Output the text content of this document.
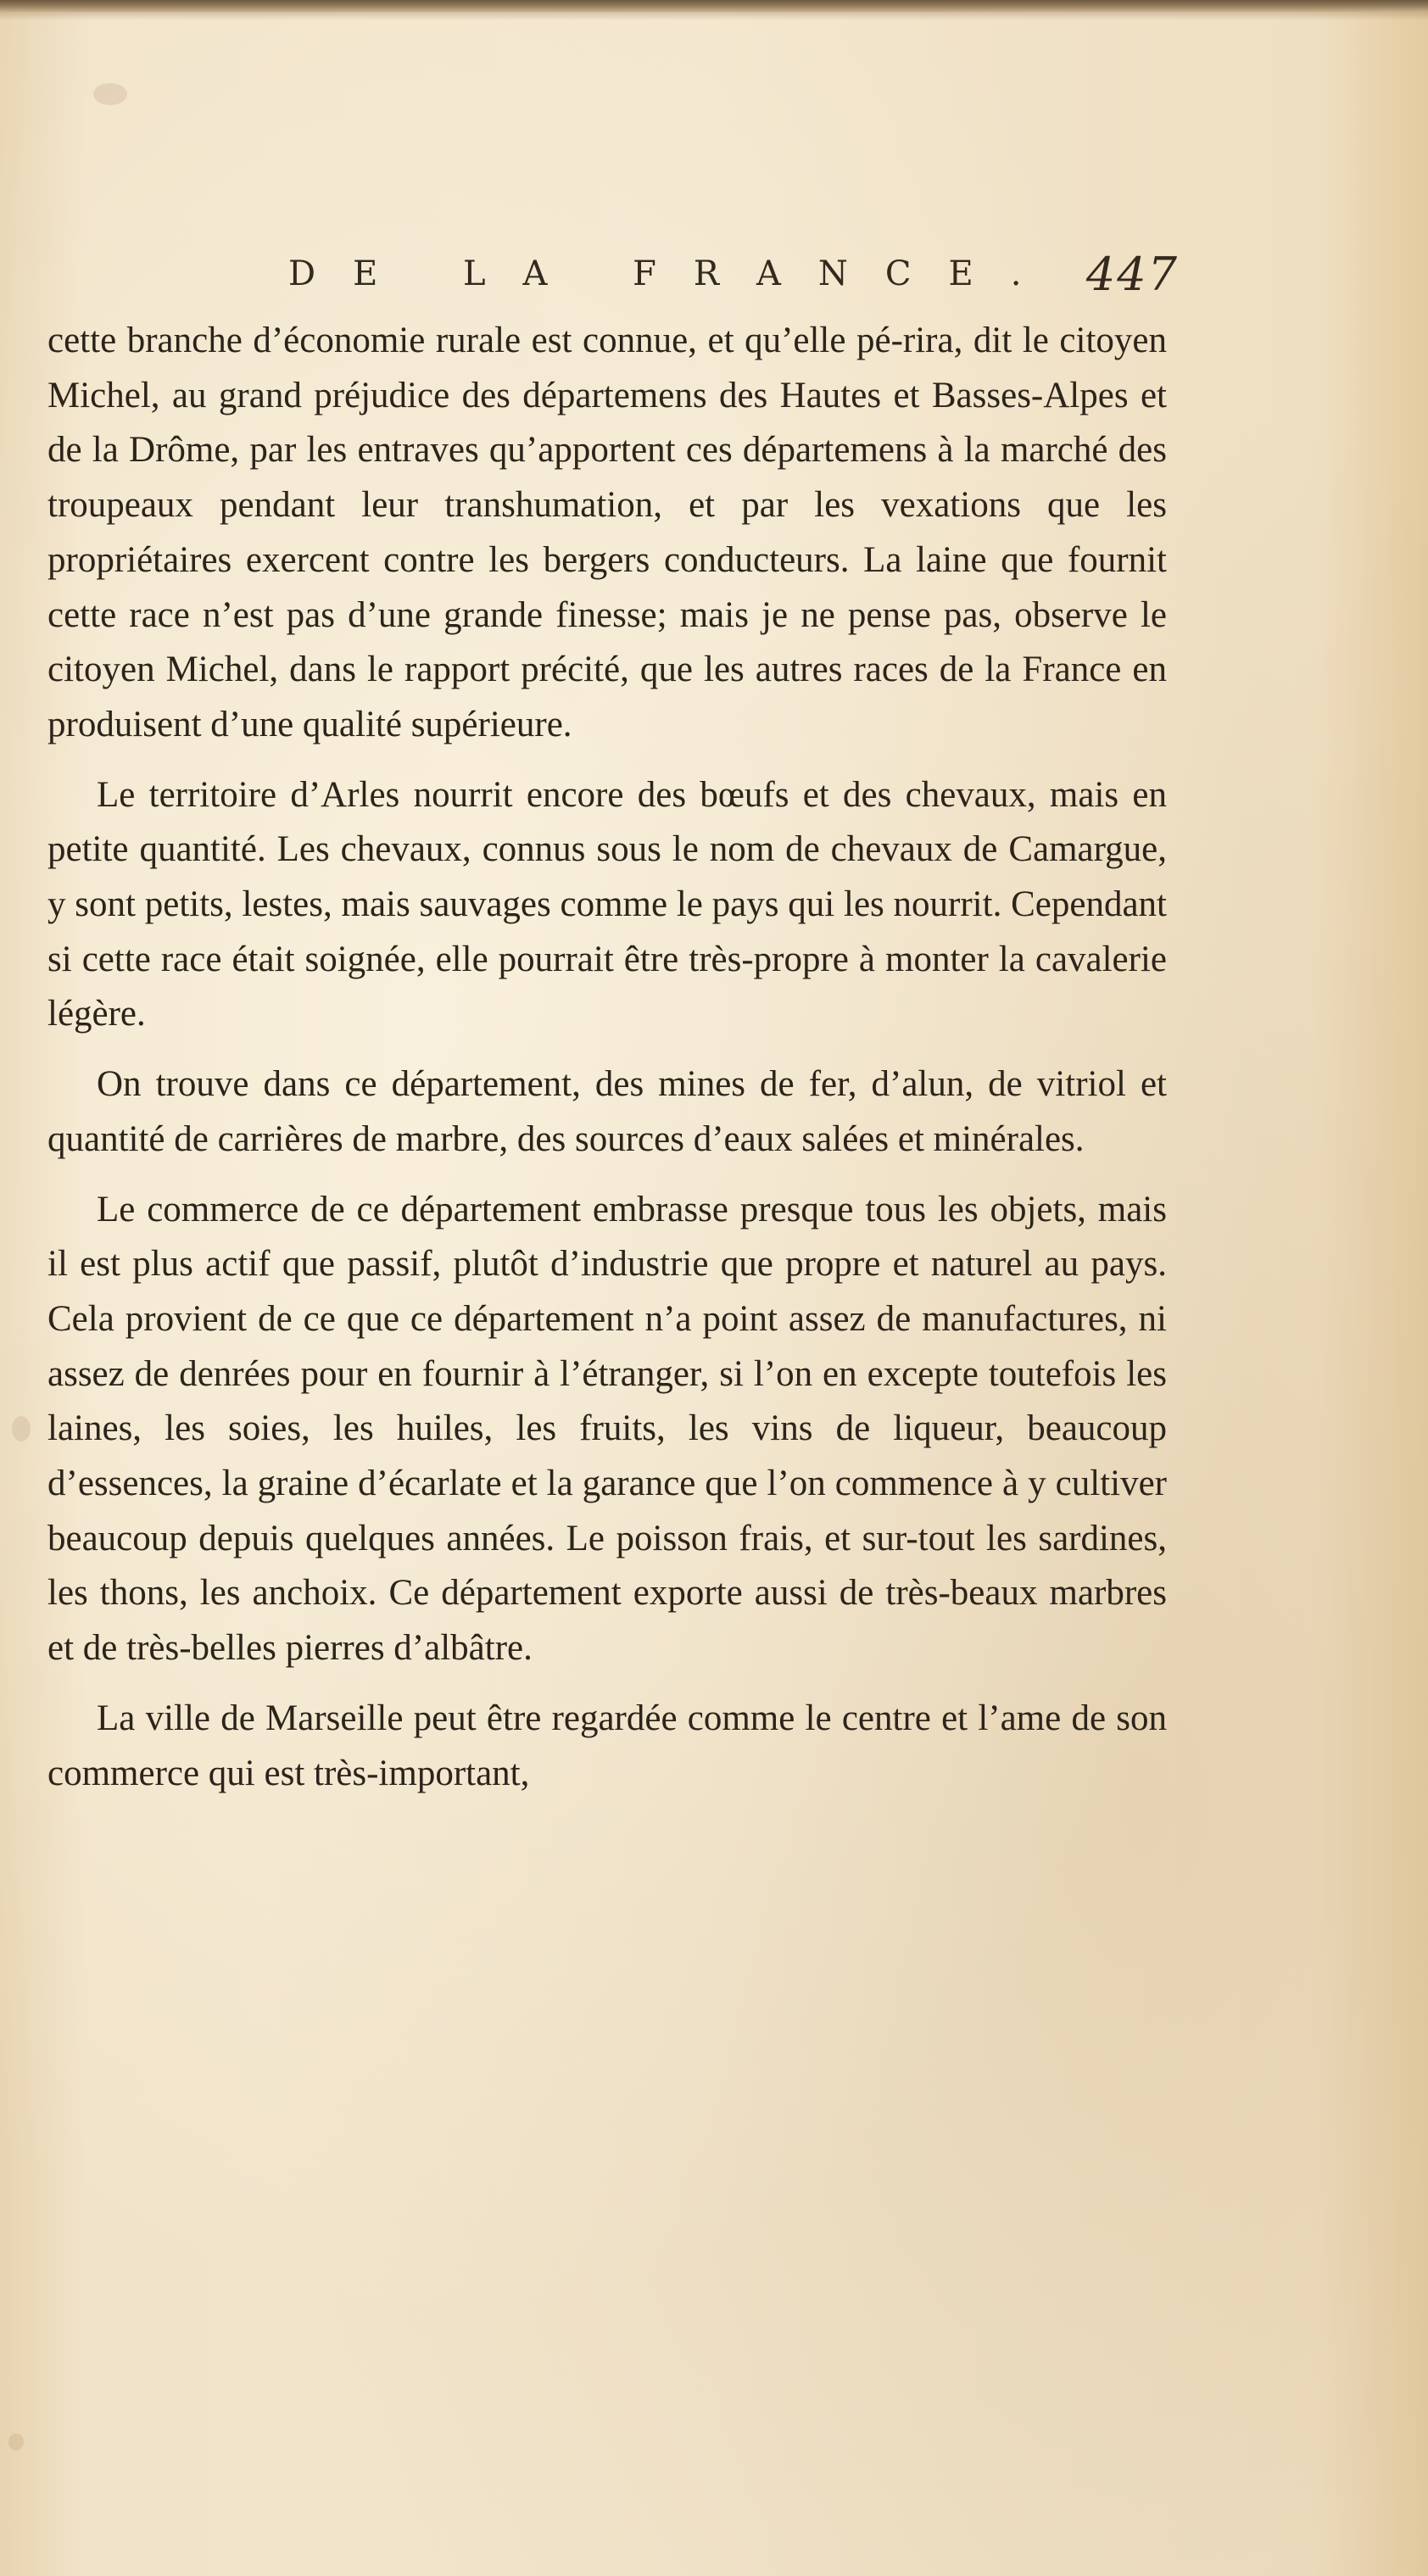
DE LA FRANCE. 447

cette branche d’économie rurale est connue, et qu’elle pé-rira, dit le citoyen Michel, au grand préjudice des départemens des Hautes et Basses-Alpes et de la Drôme, par les entraves qu’apportent ces départemens à la marché des troupeaux pendant leur transhumation, et par les vexations que les propriétaires exercent contre les bergers conducteurs. La laine que fournit cette race n’est pas d’une grande finesse; mais je ne pense pas, observe le citoyen Michel, dans le rapport précité, que les autres races de la France en produisent d’une qualité supérieure.

Le territoire d’Arles nourrit encore des bœufs et des chevaux, mais en petite quantité. Les chevaux, connus sous le nom de chevaux de Camargue, y sont petits, lestes, mais sauvages comme le pays qui les nourrit. Cependant si cette race était soignée, elle pourrait être très-propre à monter la cavalerie légère.

On trouve dans ce département, des mines de fer, d’alun, de vitriol et quantité de carrières de marbre, des sources d’eaux salées et minérales.

Le commerce de ce département embrasse presque tous les objets, mais il est plus actif que passif, plutôt d’industrie que propre et naturel au pays. Cela provient de ce que ce département n’a point assez de manufactures, ni assez de denrées pour en fournir à l’étranger, si l’on en excepte toutefois les laines, les soies, les huiles, les fruits, les vins de liqueur, beaucoup d’essences, la graine d’écarlate et la garance que l’on commence à y cultiver beaucoup depuis quelques années. Le poisson frais, et sur-tout les sardines, les thons, les anchoix. Ce département exporte aussi de très-beaux marbres et de très-belles pierres d’albâtre.

La ville de Marseille peut être regardée comme le centre et l’ame de son commerce qui est très-important,
